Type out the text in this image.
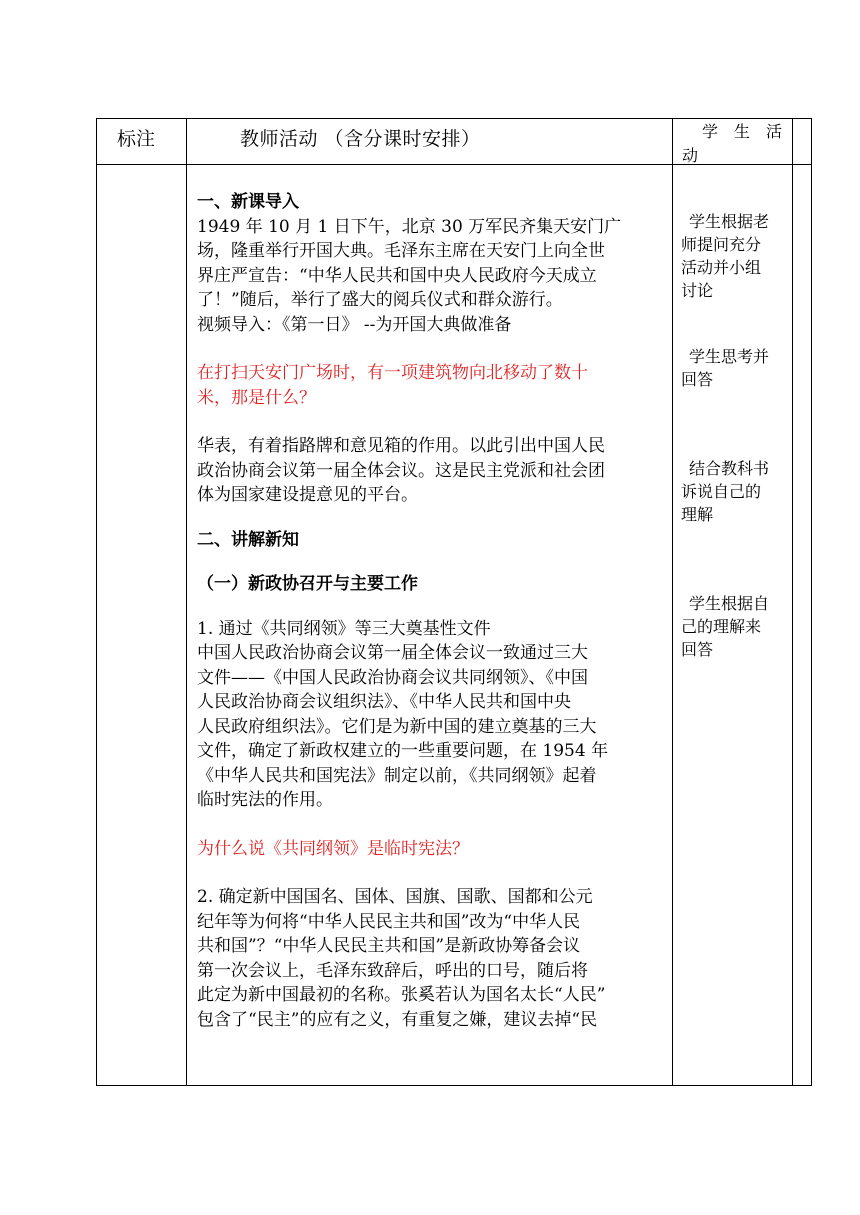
标注	教师活动 （含分课时安排）	学 生 活
动

一、新课导入

1949 年 10 月 1 日下午，北京 30 万军民齐集天安门广

场，隆重举行开国大典。毛泽东主席在天安门上向全世

界庄严宣告：“中华人民共和国中央人民政府今天成立

了！”随后，举行了盛大的阅兵仪式和群众游行。

视频导入：《第一日》 --为开国大典做准备

在打扫天安门广场时，有一项建筑物向北移动了数十

米，那是什么？

华表，有着指路牌和意见箱的作用。以此引出中国人民

政治协商会议第一届全体会议。这是民主党派和社会团

体为国家建设提意见的平台。

二、讲解新知

（一）新政协召开与主要工作

1. 通过《共同纲领》等三大奠基性文件

中国人民政治协商会议第一届全体会议一致通过三大

文件——《中国人民政治协商会议共同纲领》、《中国

人民政治协商会议组织法》、《中华人民共和国中央

人民政府组织法》。它们是为新中国的建立奠基的三大

文件，确定了新政权建立的一些重要问题，在 1954 年

《中华人民共和国宪法》制定以前，《共同纲领》起着

临时宪法的作用。

为什么说《共同纲领》是临时宪法？

2. 确定新中国国名、国体、国旗、国歌、国都和公元

纪年等为何将“中华人民民主共和国”改为“中华人民

共和国”？“中华人民民主共和国”是新政协筹备会议

第一次会议上，毛泽东致辞后，呼出的口号，随后将

此定为新中国最初的名称。张奚若认为国名太长“人民”

包含了“民主”的应有之义，有重复之嫌，建议去掉“民

学生根据老
师提问充分
活动并小组
讨论
学生思考并
回答
结合教科书
诉说自己的
理解
学生根据自
己的理解来
回答
